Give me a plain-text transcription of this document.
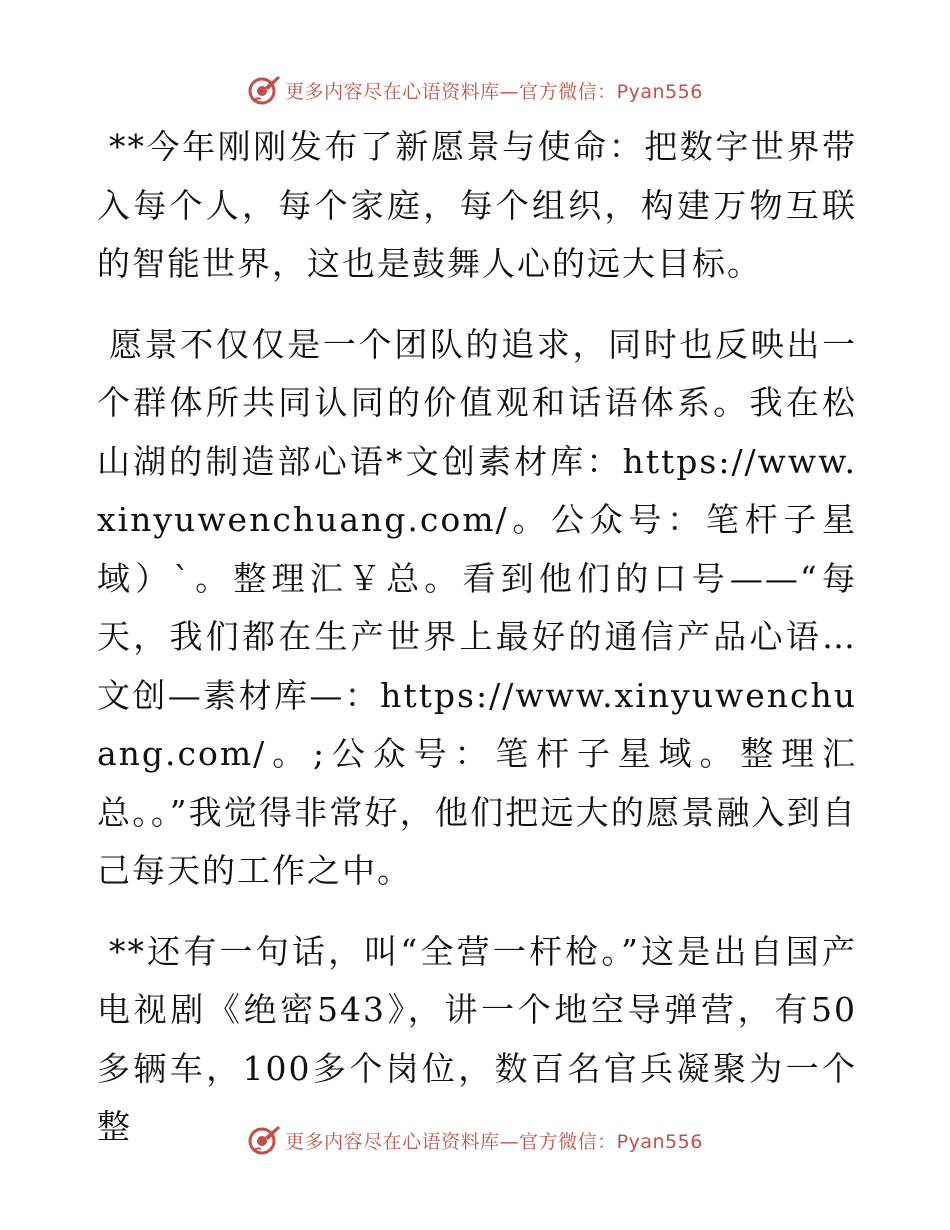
更多内容尽在心语资料库—官方微信：Pyan556

**今年刚刚发布了新愿景与使命：把数字世界带入每个人，每个家庭，每个组织，构建万物互联的智能世界，这也是鼓舞人心的远大目标。

愿景不仅仅是一个团队的追求，同时也反映出一个群体所共同认同的价值观和话语体系。我在松山湖的制造部心语*文创素材库：https://www.xinyuwenchuang.com/。公众号：笔杆子星域）`。整理汇￥总。看到他们的口号——“每天，我们都在生产世界上最好的通信产品心语…文创—素材库—：https://www.xinyuwenchuang.com/。;公众号：笔杆子星域。整理汇总。。”我觉得非常好，他们把远大的愿景融入到自己每天的工作之中。

**还有一句话，叫“全营一杆枪。”这是出自国产电视剧《绝密543》，讲一个地空导弹营，有50多辆车，100多个岗位，数百名官兵凝聚为一个整	更多内容尽在心语资料库—官方微信：Pyan556
